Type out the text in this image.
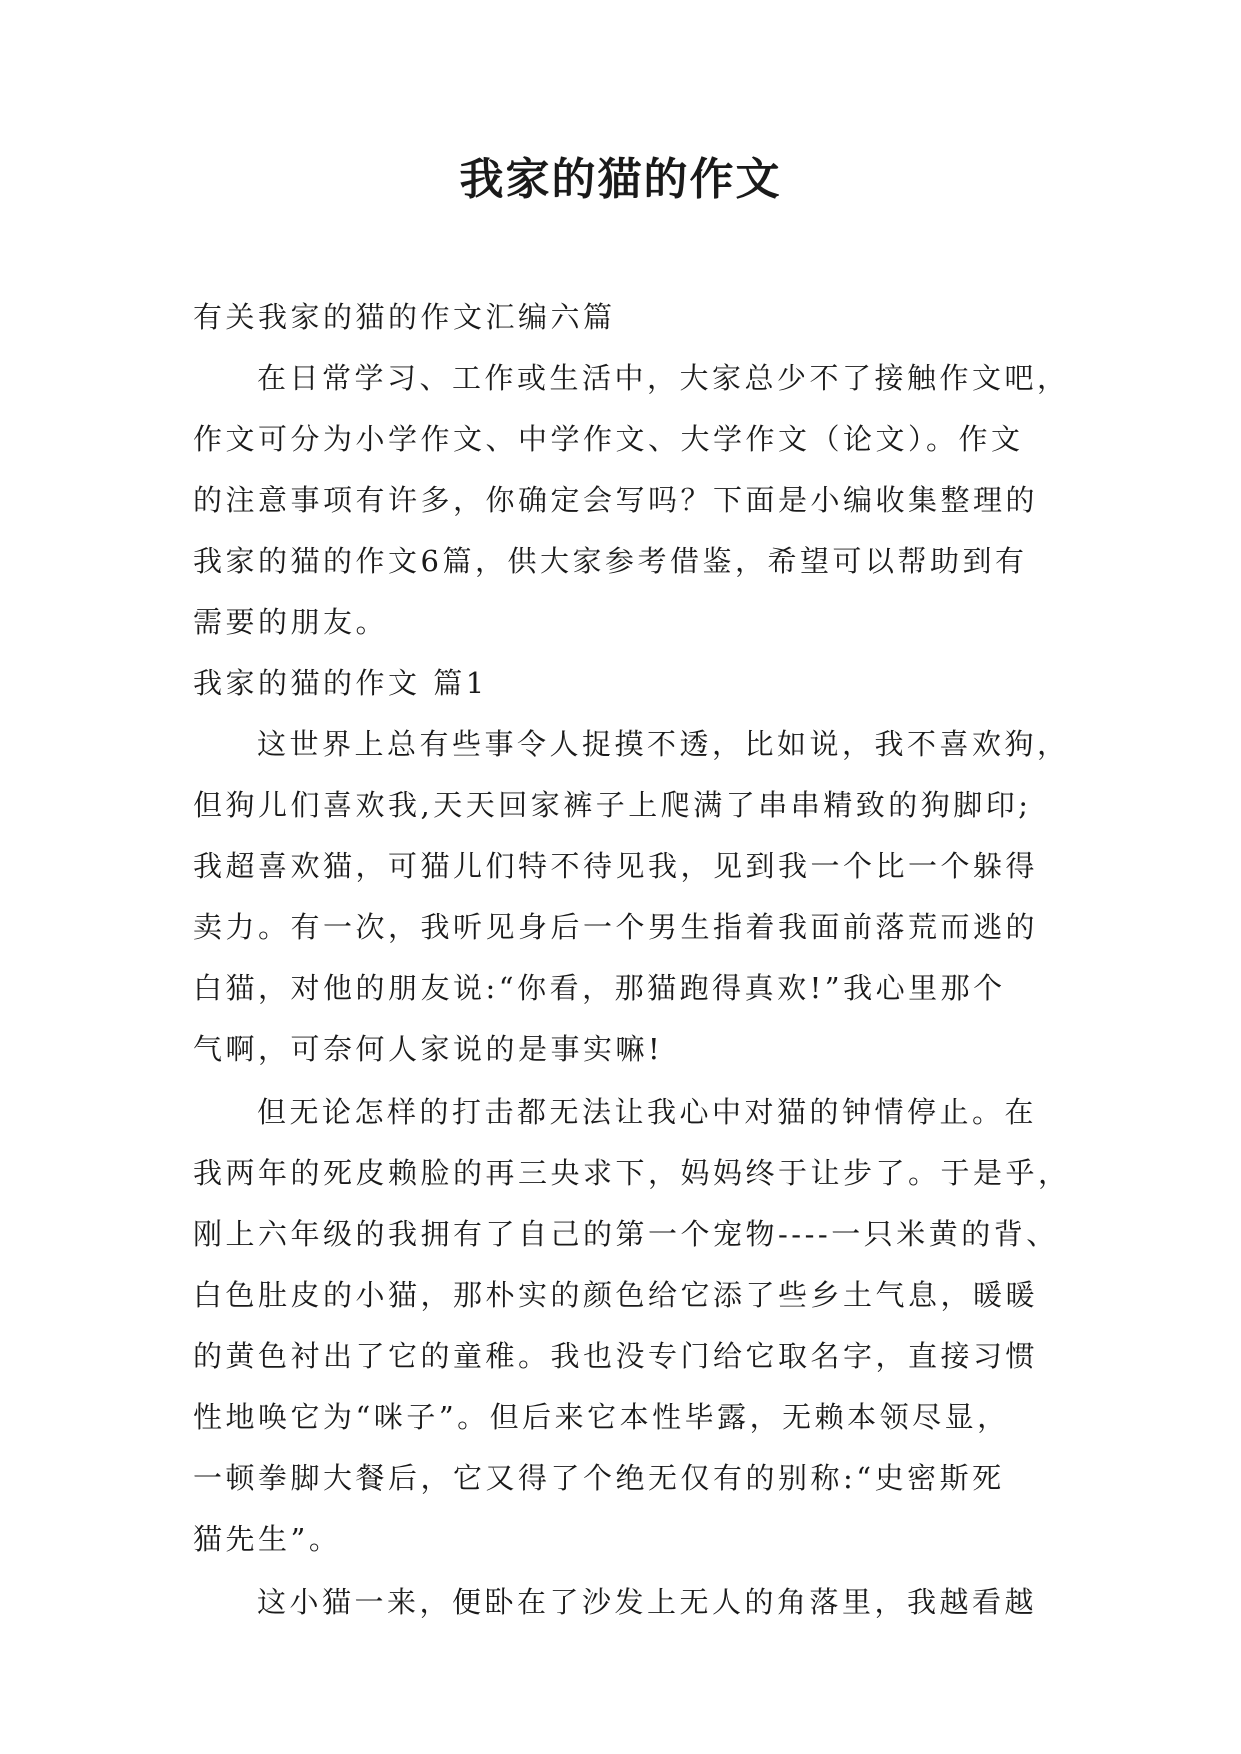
我家的猫的作文
有关我家的猫的作文汇编六篇
在日常学习、工作或生活中，大家总少不了接触作文吧，
作文可分为小学作文、中学作文、大学作文（论文）。作文
的注意事项有许多，你确定会写吗？下面是小编收集整理的
我家的猫的作文6篇，供大家参考借鉴，希望可以帮助到有
需要的朋友。
我家的猫的作文 篇1
这世界上总有些事令人捉摸不透，比如说，我不喜欢狗，
但狗儿们喜欢我,天天回家裤子上爬满了串串精致的狗脚印;
我超喜欢猫，可猫儿们特不待见我，见到我一个比一个躲得
卖力。有一次，我听见身后一个男生指着我面前落荒而逃的
白猫，对他的朋友说:“你看，那猫跑得真欢!”我心里那个
气啊，可奈何人家说的是事实嘛!
但无论怎样的打击都无法让我心中对猫的钟情停止。在
我两年的死皮赖脸的再三央求下，妈妈终于让步了。于是乎，
刚上六年级的我拥有了自己的第一个宠物----一只米黄的背、
白色肚皮的小猫，那朴实的颜色给它添了些乡土气息，暖暖
的黄色衬出了它的童稚。我也没专门给它取名字，直接习惯
性地唤它为“咪子”。但后来它本性毕露，无赖本领尽显，
一顿拳脚大餐后，它又得了个绝无仅有的别称:“史密斯死
猫先生”。
这小猫一来，便卧在了沙发上无人的角落里，我越看越
